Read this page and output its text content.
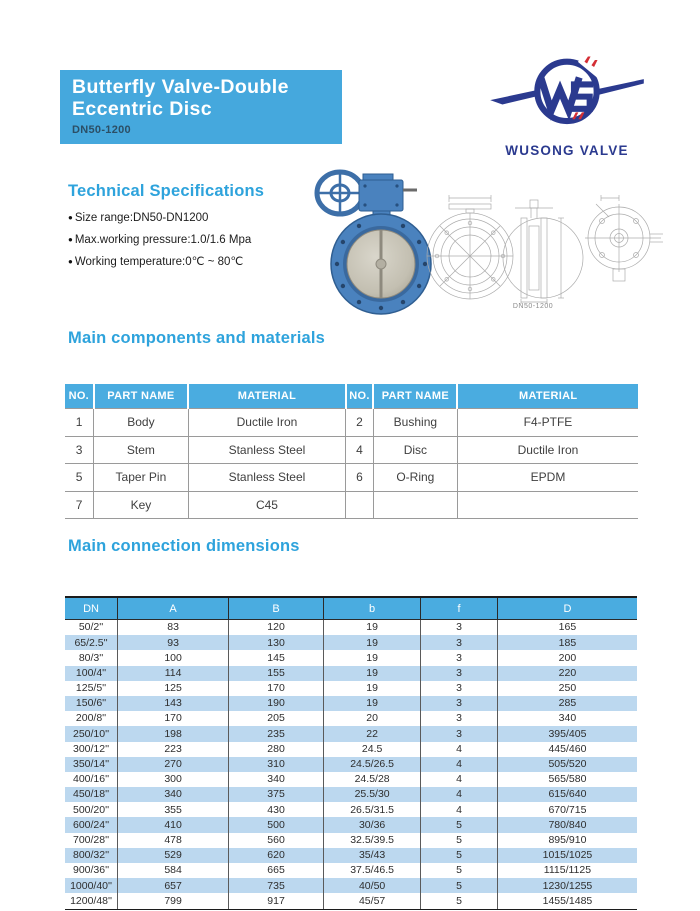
Butterfly Valve-Double
Eccentric Disc
DN50-1200
WUSONG VALVE
Technical Specifications
● Size range:DN50-DN1200
● Max.working pressure:1.0/1.6 Mpa
● Working temperature:0℃ ~ 80℃
DN50-1200
Main components and materials
NO.	PART NAME	MATERIAL	NO.	PART NAME	MATERIAL
1	Body	Ductile Iron	2	Bushing	F4-PTFE
3	Stem	Stanless Steel	4	Disc	Ductile Iron
5	Taper Pin	Stanless Steel	6	O-Ring	EPDM
7	Key	C45			
Main connection dimensions
DN	A	B	b	f	D
50/2''	83	120	19	3	165
65/2.5''	93	130	19	3	185
80/3''	100	145	19	3	200
100/4''	114	155	19	3	220
125/5''	125	170	19	3	250
150/6''	143	190	19	3	285
200/8''	170	205	20	3	340
250/10''	198	235	22	3	395/405
300/12''	223	280	24.5	4	445/460
350/14''	270	310	24.5/26.5	4	505/520
400/16''	300	340	24.5/28	4	565/580
450/18''	340	375	25.5/30	4	615/640
500/20''	355	430	26.5/31.5	4	670/715
600/24''	410	500	30/36	5	780/840
700/28''	478	560	32.5/39.5	5	895/910
800/32''	529	620	35/43	5	1015/1025
900/36''	584	665	37.5/46.5	5	1115/1125
1000/40''	657	735	40/50	5	1230/1255
1200/48''	799	917	45/57	5	1455/1485
